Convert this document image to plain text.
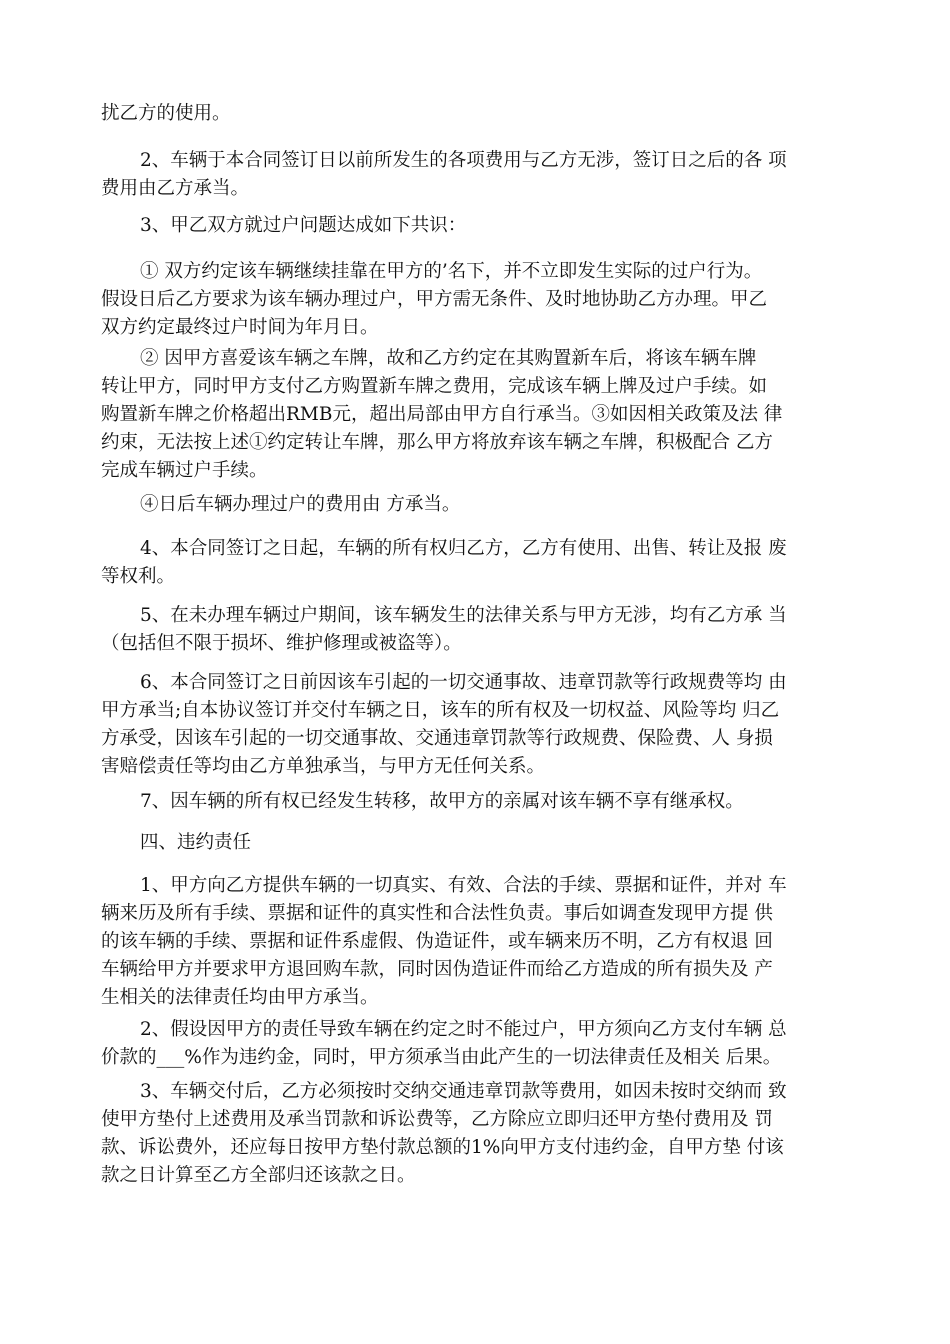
扰乙方的使用。

2、车辆于本合同签订日以前所发生的各项费用与乙方无涉，签订日之后的各 项
费用由乙方承当。

3、甲乙双方就过户问题达成如下共识：

① 双方约定该车辆继续挂靠在甲方的’名下，并不立即发生实际的过户行为。
假设日后乙方要求为该车辆办理过户，甲方需无条件、及时地协助乙方办理。甲乙
双方约定最终过户时间为年月日。

② 因甲方喜爱该车辆之车牌，故和乙方约定在其购置新车后，将该车辆车牌
转让甲方，同时甲方支付乙方购置新车牌之费用，完成该车辆上牌及过户手续。如
购置新车牌之价格超出RMB元，超出局部由甲方自行承当。③如因相关政策及法 律
约束，无法按上述①约定转让车牌，那么甲方将放弃该车辆之车牌，积极配合 乙方
完成车辆过户手续。

④日后车辆办理过户的费用由 方承当。

4、本合同签订之日起，车辆的所有权归乙方，乙方有使用、出售、转让及报 废
等权利。

5、在未办理车辆过户期间，该车辆发生的法律关系与甲方无涉，均有乙方承 当
（包括但不限于损坏、维护修理或被盗等）。

6、本合同签订之日前因该车引起的一切交通事故、违章罚款等行政规费等均 由
甲方承当;自本协议签订并交付车辆之日，该车的所有权及一切权益、风险等均 归乙
方承受，因该车引起的一切交通事故、交通违章罚款等行政规费、保险费、人 身损
害赔偿责任等均由乙方单独承当，与甲方无任何关系。

7、因车辆的所有权已经发生转移，故甲方的亲属对该车辆不享有继承权。

四、违约责任

1、甲方向乙方提供车辆的一切真实、有效、合法的手续、票据和证件，并对 车
辆来历及所有手续、票据和证件的真实性和合法性负责。事后如调查发现甲方提 供
的该车辆的手续、票据和证件系虚假、伪造证件，或车辆来历不明，乙方有权退 回
车辆给甲方并要求甲方退回购车款，同时因伪造证件而给乙方造成的所有损失及 产
生相关的法律责任均由甲方承当。

2、假设因甲方的责任导致车辆在约定之时不能过户，甲方须向乙方支付车辆 总
价款的___%作为违约金，同时，甲方须承当由此产生的一切法律责任及相关 后果。

3、车辆交付后，乙方必须按时交纳交通违章罚款等费用，如因未按时交纳而 致
使甲方垫付上述费用及承当罚款和诉讼费等，乙方除应立即归还甲方垫付费用及 罚
款、诉讼费外，还应每日按甲方垫付款总额的1%向甲方支付违约金，自甲方垫 付该
款之日计算至乙方全部归还该款之日。
